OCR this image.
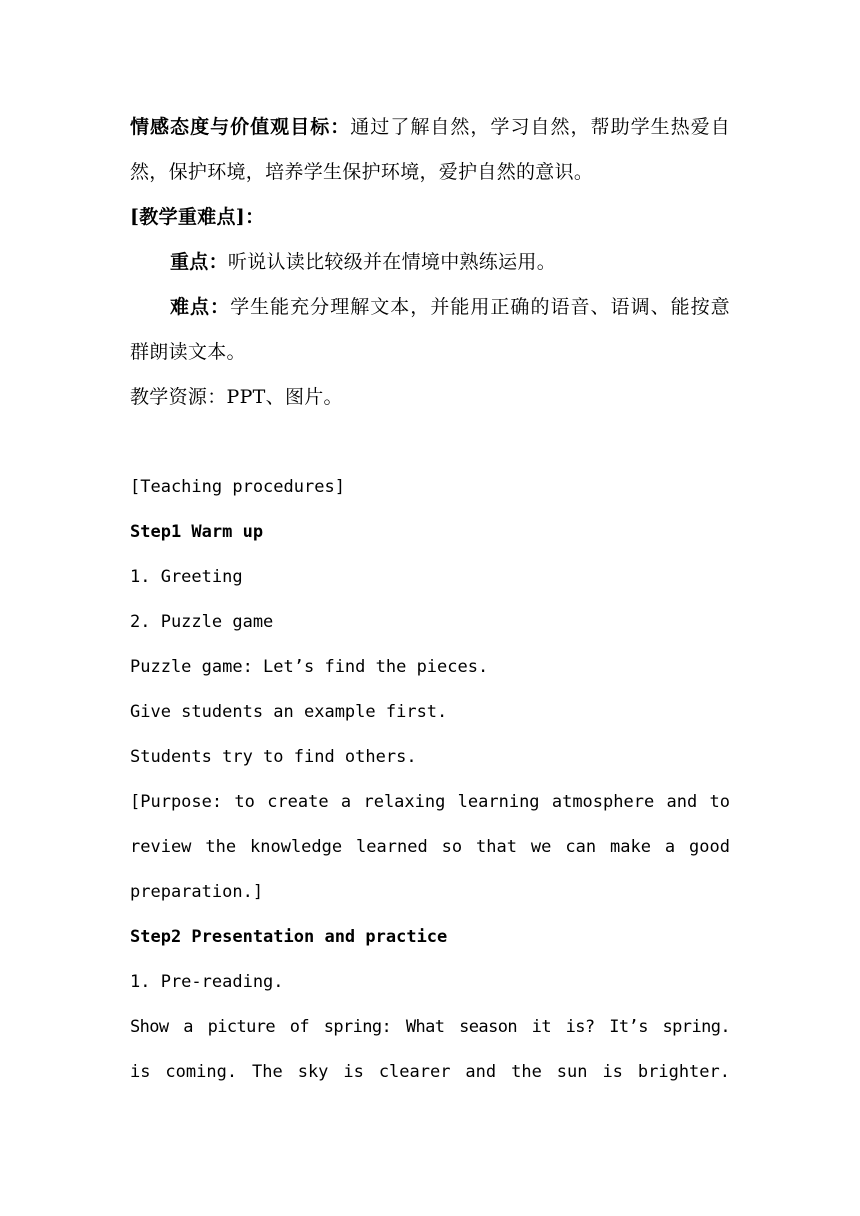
情感态度与价值观目标：通过了解自然，学习自然，帮助学生热爱自
然，保护环境，培养学生保护环境，爱护自然的意识。
[教学重难点]：
重点：听说认读比较级并在情境中熟练运用。
难点：学生能充分理解文本，并能用正确的语音、语调、能按意
群朗读文本。
教学资源：PPT、图片。
[Teaching procedures]
Step1 Warm up
1. Greeting
2. Puzzle game
Puzzle game: Let’s find the pieces.
Give students an example first.
Students try to find others.
[Purpose: to create a relaxing learning atmosphere and to
review the knowledge learned so that we can make a good
preparation.]
Step2 Presentation and practice
1. Pre-reading.
Show a picture of spring: What season it is? It’s spring.
is coming. The sky is clearer and the sun is brighter.
